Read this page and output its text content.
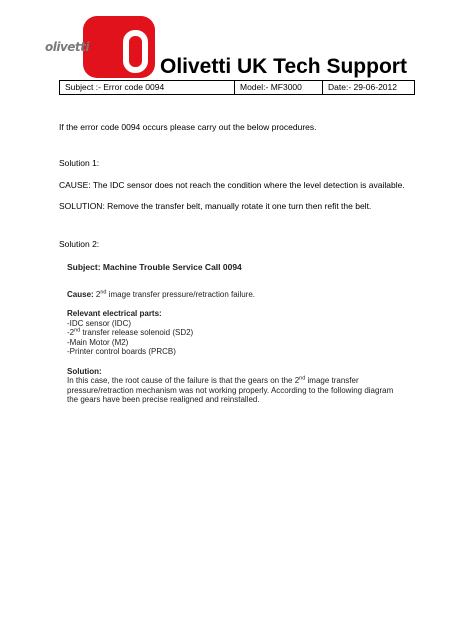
olivetti
Olivetti UK Tech Support
Subject :- Error code 0094	Model:- MF3000	Date:- 29-06-2012
If the error code 0094 occurs please carry out the below procedures.
Solution 1:
CAUSE: The IDC sensor does not reach the condition where the level detection is available.
SOLUTION: Remove the transfer belt, manually rotate it one turn then refit the belt.
Solution 2:
Subject: Machine Trouble Service Call 0094
Cause: 2nd image transfer pressure/retraction failure.
Relevant electrical parts:
-IDC sensor (IDC)
-2nd transfer release solenoid (SD2)
-Main Motor (M2)
-Printer control boards (PRCB)
Solution:
In this case, the root cause of the failure is that the gears on the 2nd image transfer
pressure/retraction mechanism was not working properly. According to the following diagram
the gears have been precise realigned and reinstalled.
